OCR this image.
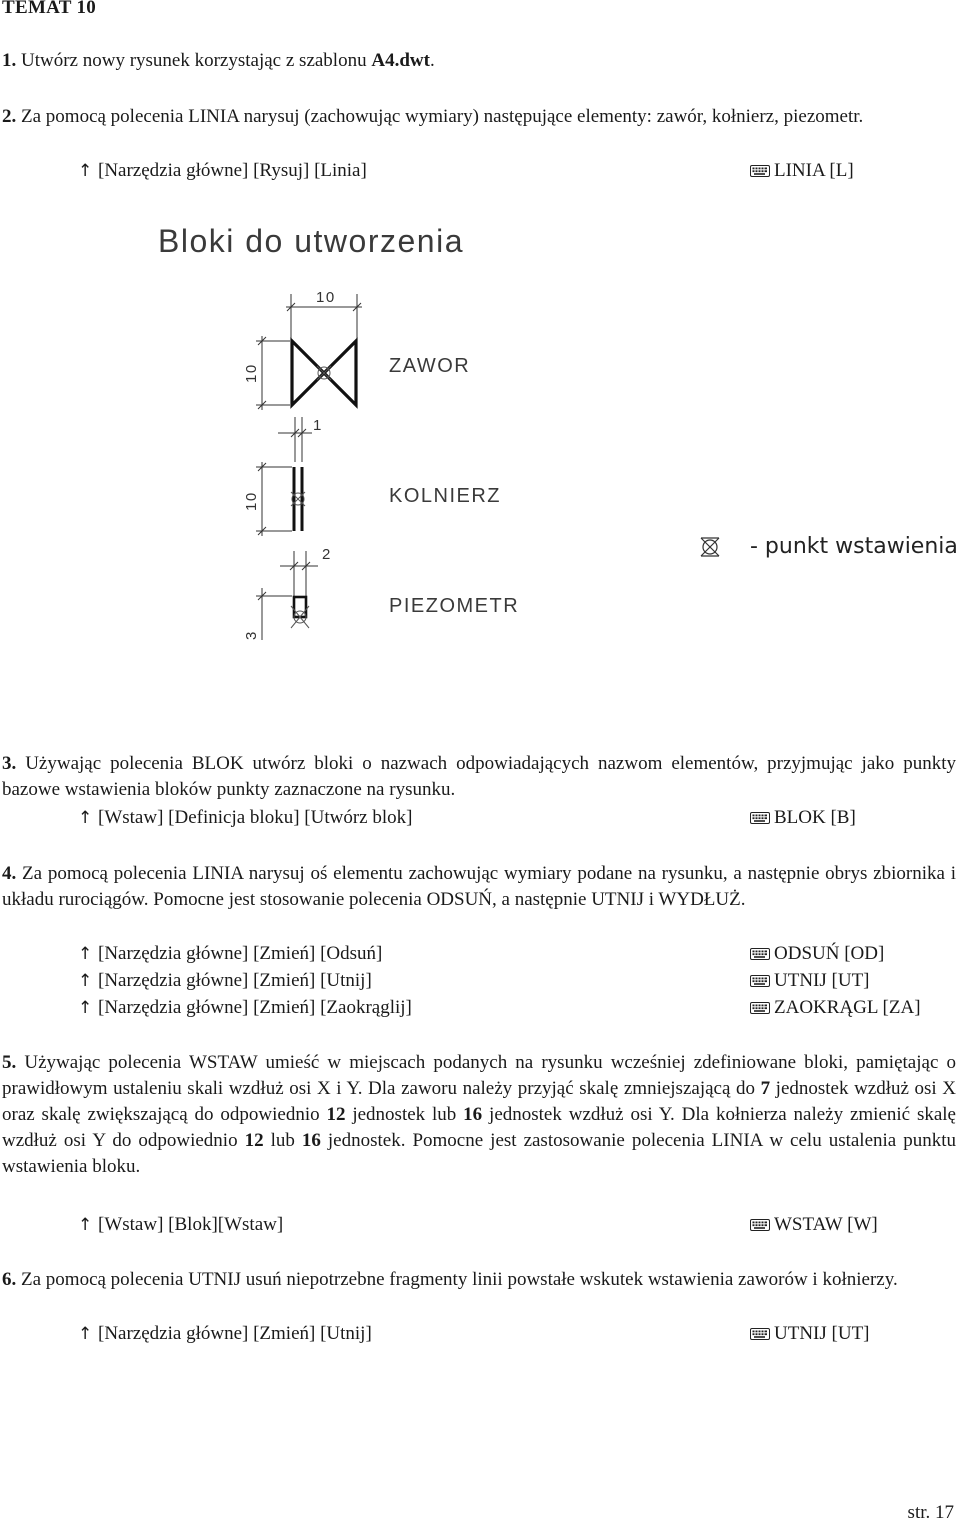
TEMAT 10
1. Utwórz nowy rysunek korzystając z szablonu A4.dwt.
2. Za pomocą polecenia LINIA narysuj (zachowując wymiary) następujące elementy: zawór, kołnierz, piezometr.
↑ [Narzędzia główne] [Rysuj] [Linia]	LINIA [L]
Bloki do utworzenia
10
10	ZAWOR
1
10	KOLNIERZ
- punkt wstawienia
2
3
PIEZOMETR
3. Używając polecenia BLOK utwórz bloki o nazwach odpowiadających nazwom elementów, przyjmując jako punkty bazowe wstawienia bloków punkty zaznaczone na rysunku.
↑ [Wstaw] [Definicja bloku] [Utwórz blok]	BLOK [B]
4. Za pomocą polecenia LINIA narysuj oś elementu zachowując wymiary podane na rysunku, a następnie obrys zbiornika i układu rurociągów. Pomocne jest stosowanie polecenia ODSUŃ, a następnie UTNIJ i WYDŁUŻ.
↑ [Narzędzia główne] [Zmień] [Odsuń]	ODSUŃ [OD]
↑ [Narzędzia główne] [Zmień] [Utnij]	UTNIJ [UT]
↑ [Narzędzia główne] [Zmień] [Zaokrąglij]	ZAOKRĄGL [ZA]
5. Używając polecenia WSTAW umieść w miejscach podanych na rysunku wcześniej zdefiniowane bloki, pamiętając o prawidłowym ustaleniu skali wzdłuż osi X i Y. Dla zaworu należy przyjąć skalę zmniejszającą do 7 jednostek wzdłuż osi X oraz skalę zwiększającą do odpowiednio 12 jednostek lub 16 jednostek wzdłuż osi Y. Dla kołnierza należy zmienić skalę wzdłuż osi Y do odpowiednio 12 lub 16 jednostek. Pomocne jest zastosowanie polecenia LINIA w celu ustalenia punktu wstawienia bloku.
↑ [Wstaw] [Blok][Wstaw]	WSTAW [W]
6. Za pomocą polecenia UTNIJ usuń niepotrzebne fragmenty linii powstałe wskutek wstawienia zaworów i kołnierzy.
↑ [Narzędzia główne] [Zmień] [Utnij]	UTNIJ [UT]
str. 17
